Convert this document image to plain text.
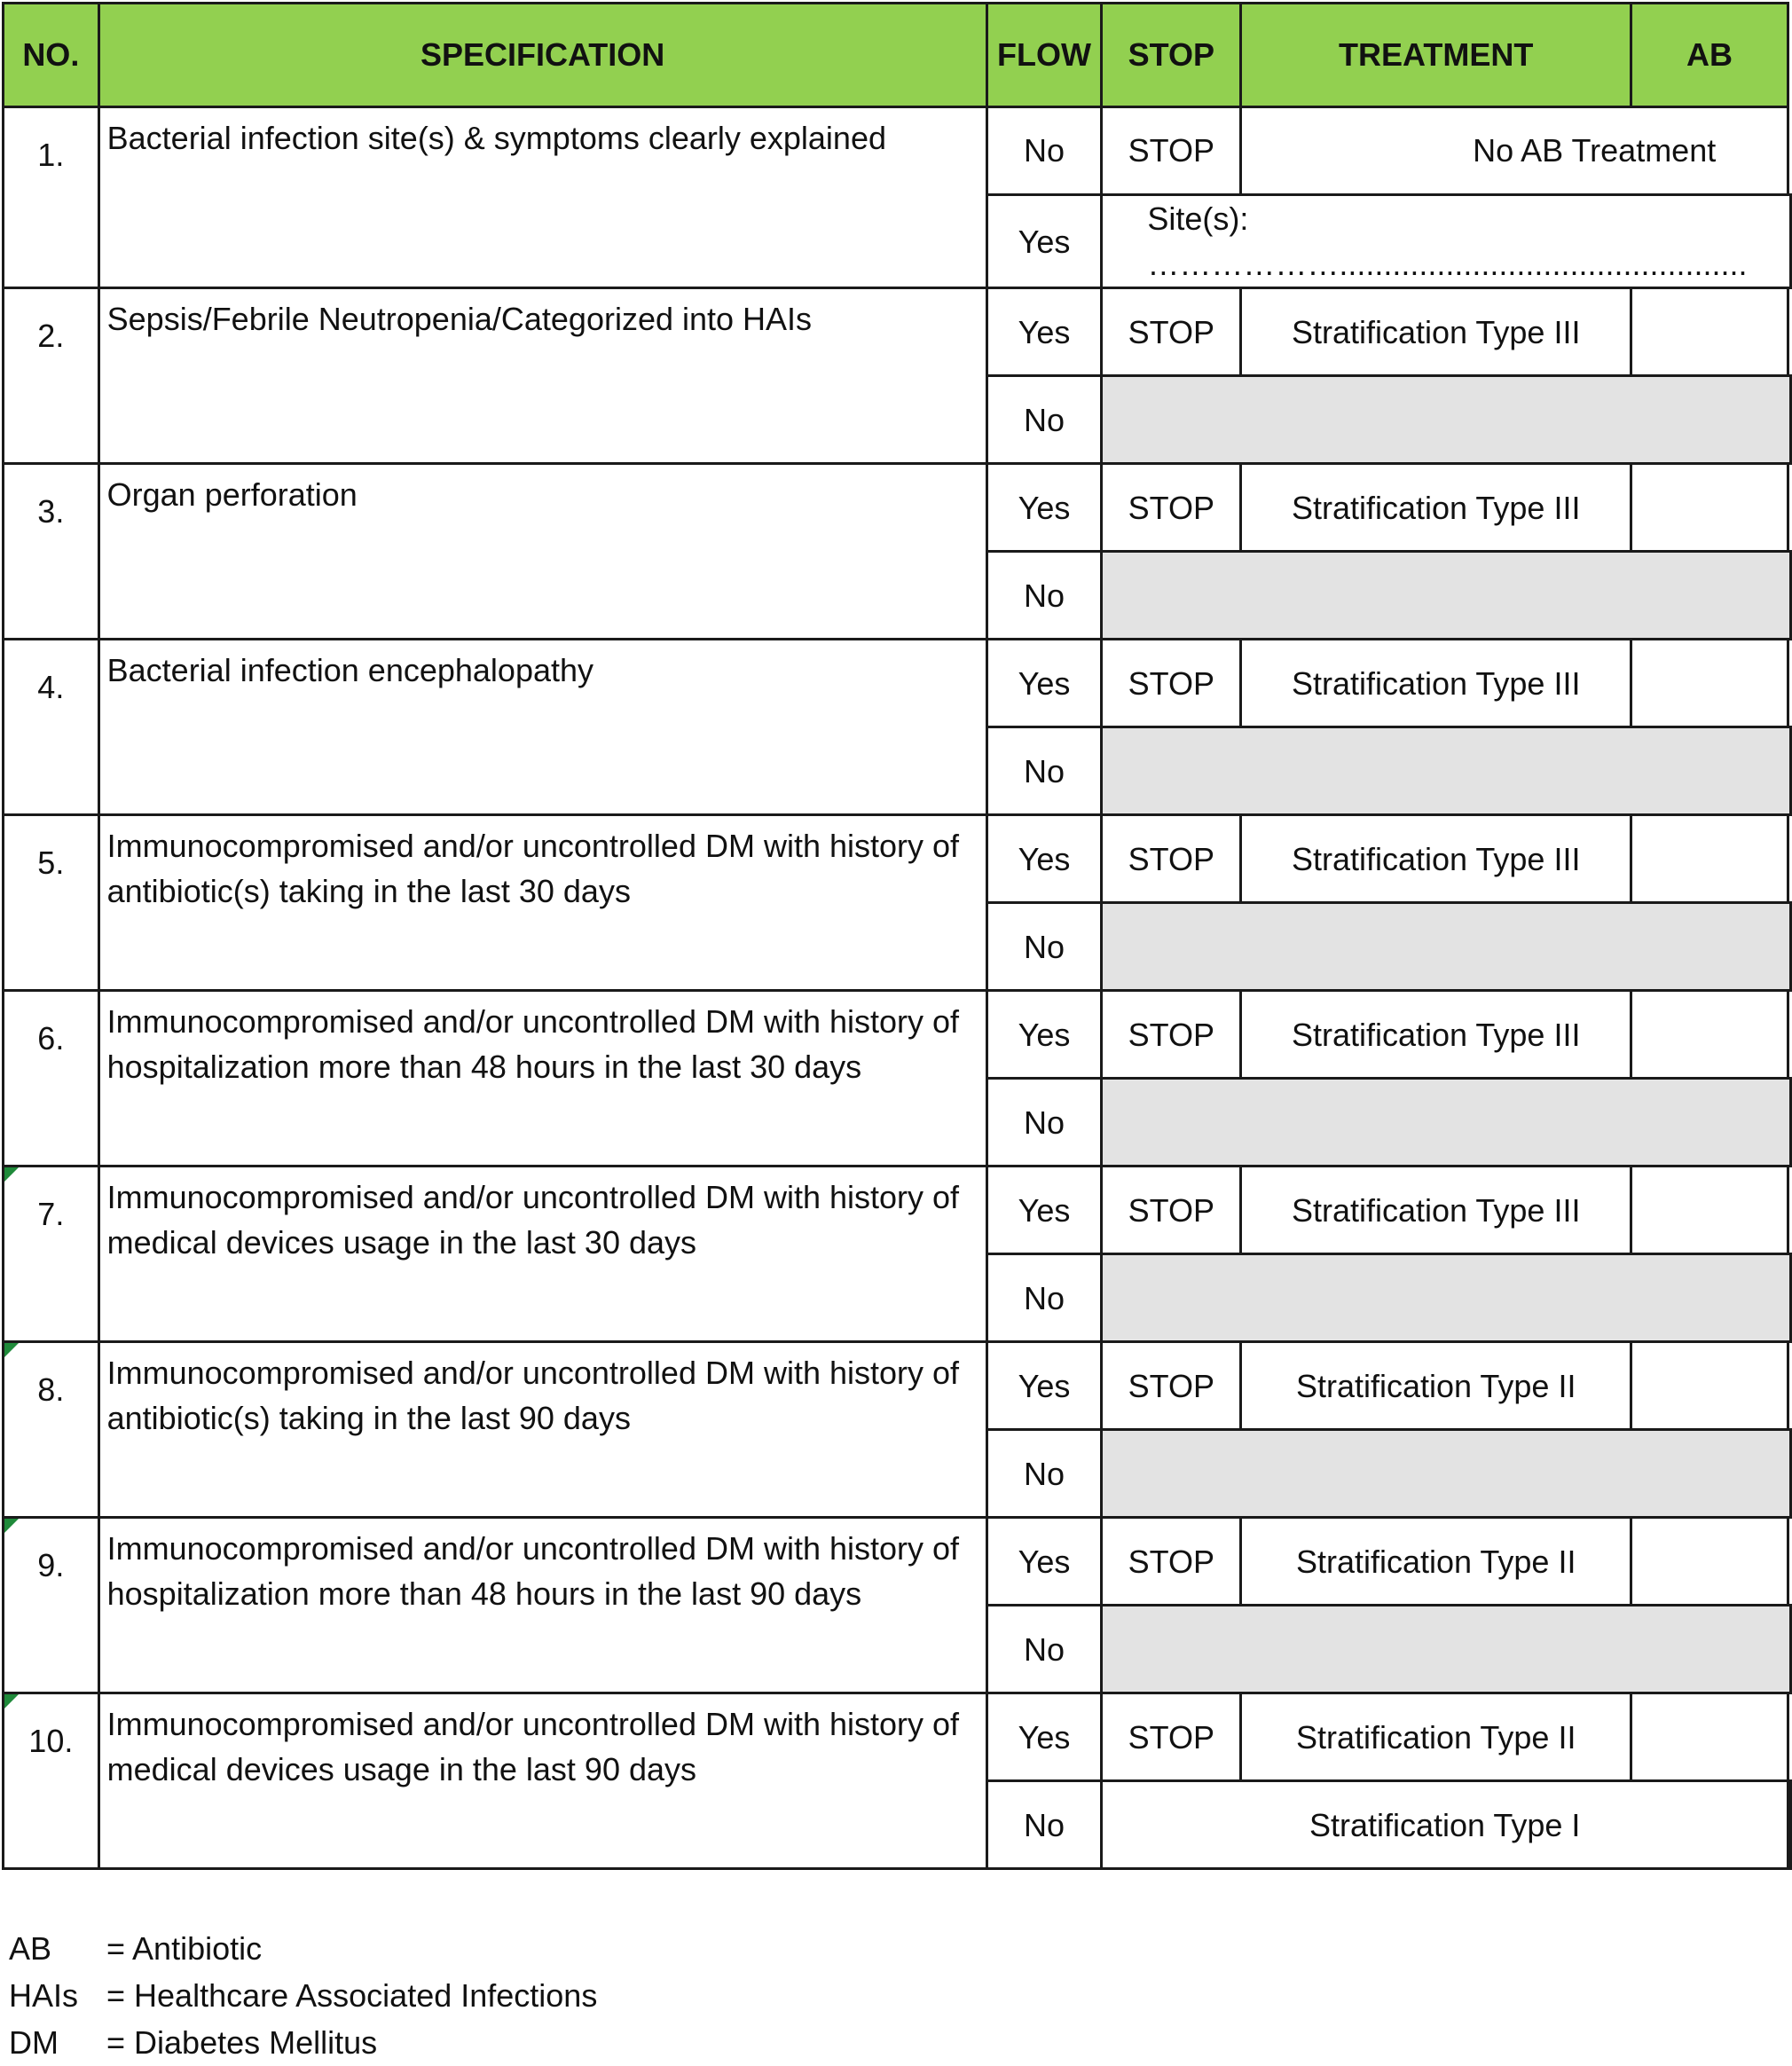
NO.	SPECIFICATION	FLOW	STOP	TREATMENT	AB	
1.	Bacterial infection site(s) & symptoms clearly explained	No	STOP	No AB Treatment		
		Yes	Site(s): ………………..............................................			
2.	Sepsis/Febrile Neutropenia/Categorized into HAIs	Yes	STOP	Stratification Type III		
		No				
3.	Organ perforation	Yes	STOP	Stratification Type III		
		No				
4.	Bacterial infection encephalopathy	Yes	STOP	Stratification Type III		
		No				
5.	Immunocompromised and/or uncontrolled DM with history of antibiotic(s) taking in the last 30 days	Yes	STOP	Stratification Type III		
		No				
6.	Immunocompromised and/or uncontrolled DM with history of hospitalization more than 48 hours in the last 30 days	Yes	STOP	Stratification Type III		
		No				

7.	Immunocompromised and/or uncontrolled DM with history of medical devices usage in the last 30 days	Yes	STOP	Stratification Type III		
		No				

8.	Immunocompromised and/or uncontrolled DM with history of antibiotic(s) taking in the last 90 days	Yes	STOP	Stratification Type II		
		No				

9.	Immunocompromised and/or uncontrolled DM with history of hospitalization more than 48 hours in the last 90 days	Yes	STOP	Stratification Type II		
		No				

10.	Immunocompromised and/or uncontrolled DM with history of medical devices usage in the last 90 days	Yes	STOP	Stratification Type II		
		No	Stratification Type I			
AB	= Antibiotic
HAIs = Healthcare Associated Infections
DM	= Diabetes Mellitus
